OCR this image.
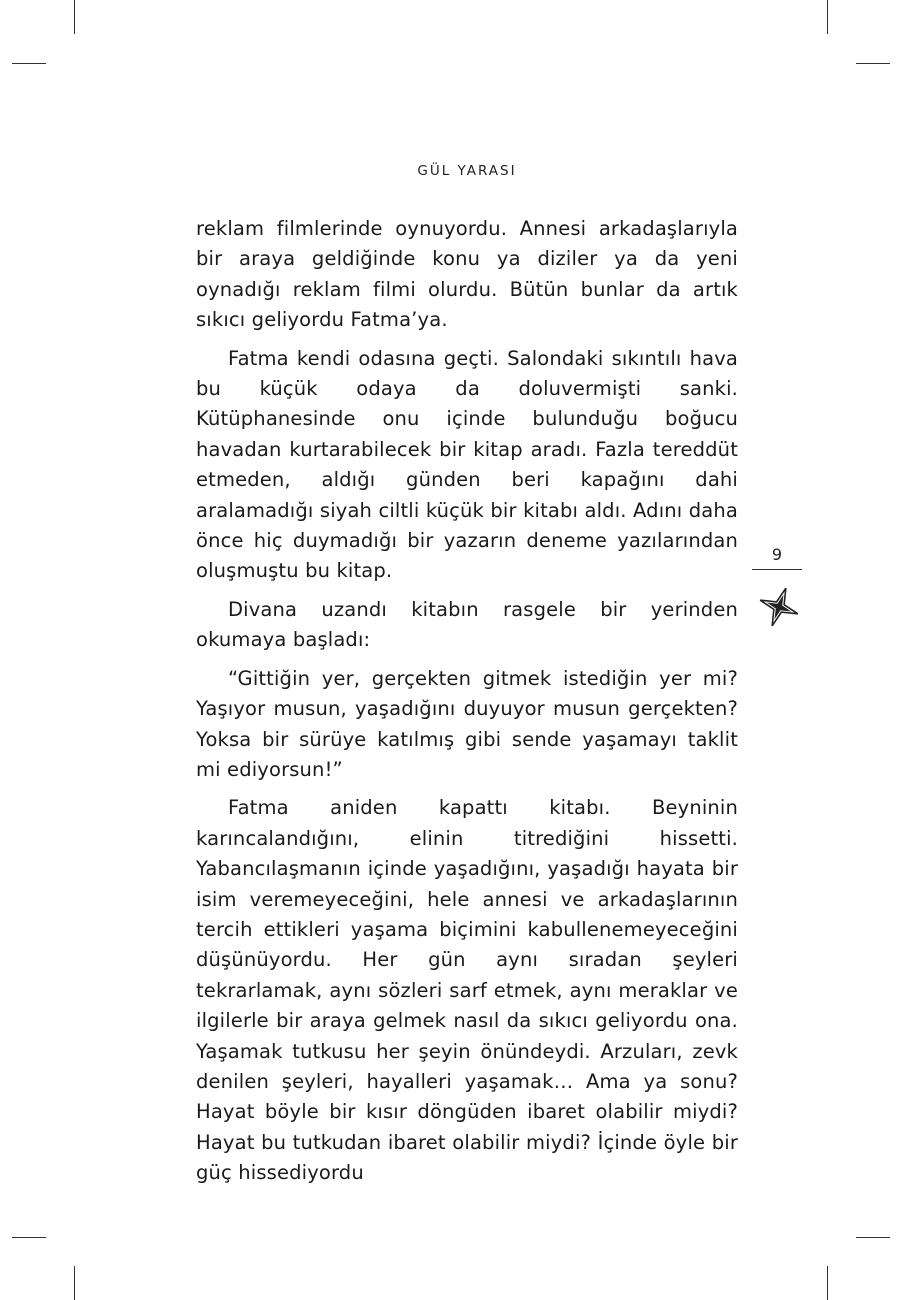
GÜL YARASI

reklam filmlerinde oynuyordu. Annesi arkadaşlarıyla bir araya geldiğinde konu ya diziler ya da yeni oynadığı reklam filmi olurdu. Bütün bunlar da artık sıkıcı geliyordu Fatma’ya.

Fatma kendi odasına geçti. Salondaki sıkıntılı hava bu küçük odaya da doluvermişti sanki. Kütüphanesinde onu içinde bulunduğu boğucu havadan kurtarabilecek bir kitap aradı. Fazla tereddüt etmeden, aldığı günden beri kapağını dahi aralamadığı siyah ciltli küçük bir kitabı aldı. Adını daha önce hiç duymadığı bir yazarın deneme yazılarından oluşmuştu bu kitap.

Divana uzandı kitabın rasgele bir yerinden okumaya başladı:

“Gittiğin yer, gerçekten gitmek istediğin yer mi? Yaşıyor musun, yaşadığını duyuyor musun gerçekten? Yoksa bir sürüye katılmış gibi sende yaşamayı taklit mi ediyorsun!”

Fatma aniden kapattı kitabı. Beyninin karıncalandığını, elinin titrediğini hissetti. Yabancılaşmanın içinde yaşadığını, yaşadığı hayata bir isim veremeyeceğini, hele annesi ve arkadaşlarının tercih ettikleri yaşama biçimini kabullenemeyeceğini düşünüyordu. Her gün aynı sıradan şeyleri tekrarlamak, aynı sözleri sarf etmek, aynı meraklar ve ilgilerle bir araya gelmek nasıl da sıkıcı geliyordu ona. Yaşamak tutkusu her şeyin önündeydi. Arzuları, zevk denilen şeyleri, hayalleri yaşamak… Ama ya sonu? Hayat böyle bir kısır döngüden ibaret olabilir miydi? Hayat bu tutkudan ibaret olabilir miydi? İçinde öyle bir güç hissediyordu

9
